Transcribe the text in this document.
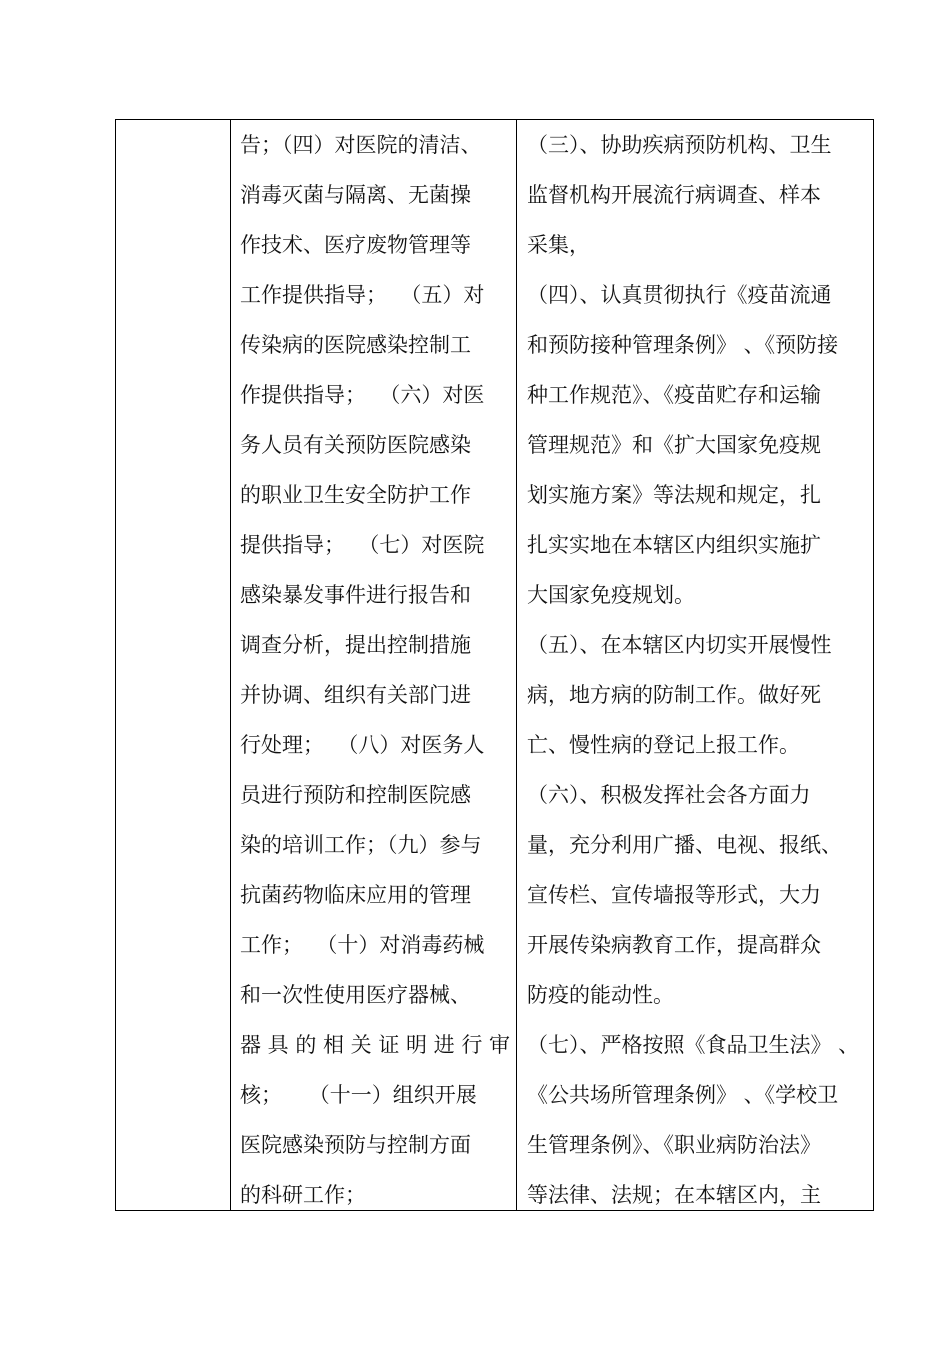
告；（四）对医院的清洁、
消毒灭菌与隔离、无菌操
作技术、医疗废物管理等
工作提供指导；  （五）对
传染病的医院感染控制工
作提供指导；  （六）对医
务人员有关预防医院感染
的职业卫生安全防护工作
提供指导；  （七）对医院
感染暴发事件进行报告和
调查分析，提出控制措施
并协调、组织有关部门进
行处理；  （八）对医务人
员进行预防和控制医院感
染的培训工作；（九）参与
抗菌药物临床应用的管理
工作；  （十）对消毒药械
和一次性使用医疗器械、
器具的相关证明进行审
核；    （十一）组织开展
医院感染预防与控制方面
的科研工作；
（三）、协助疾病预防机构、卫生
监督机构开展流行病调查、样本
采集，
（四）、认真贯彻执行《疫苗流通
和预防接种管理条例》 、《预防接
种工作规范》、《疫苗贮存和运输
管理规范》和《扩大国家免疫规
划实施方案》等法规和规定，扎
扎实实地在本辖区内组织实施扩
大国家免疫规划。
（五）、在本辖区内切实开展慢性
病，地方病的防制工作。做好死
亡、慢性病的登记上报工作。
（六）、积极发挥社会各方面力
量，充分利用广播、电视、报纸、
宣传栏、宣传墙报等形式，大力
开展传染病教育工作，提高群众
防疫的能动性。
（七）、严格按照《食品卫生法》 、
《公共场所管理条例》 、《学校卫
生管理条例》、《职业病防治法》
等法律、法规；在本辖区内，主
